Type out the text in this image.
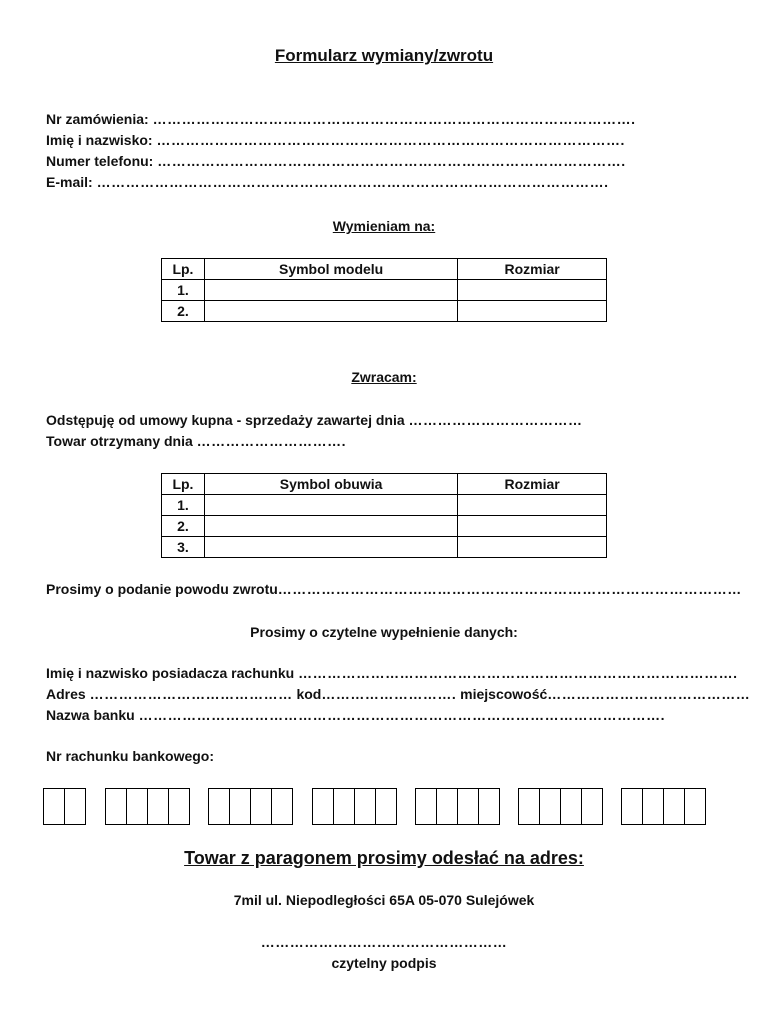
Formularz wymiany/zwrotu
Nr zamówienia: ……………………………………………………………………………………….
Imię i nazwisko: …………………………………………………………………………………….
Numer telefonu: …………………………………………………………………………………….
E-mail: …………………………………………………………………………………………….
Wymieniam na:
Lp.	Symbol modelu	Rozmiar
1.		
2.		
Zwracam:
Odstępuję od umowy kupna - sprzedaży zawartej dnia ………………………………
Towar otrzymany dnia ………………………….
Lp.	Symbol obuwia	Rozmiar
1.		
2.		
3.		
Prosimy o podanie powodu zwrotu……………………………………………………………………………………
Prosimy o czytelne wypełnienie danych:
Imię i nazwisko posiadacza rachunku ……………………………………………………………………………….
Adres …………………………………… kod………………………. miejscowość……………………………………
Nazwa banku ……………………………………………………………………………………………….
Nr rachunku bankowego:
Towar z paragonem prosimy odesłać na adres:
7mil ul. Niepodległości 65A 05-070 Sulejówek
……………………………………………
czytelny podpis
